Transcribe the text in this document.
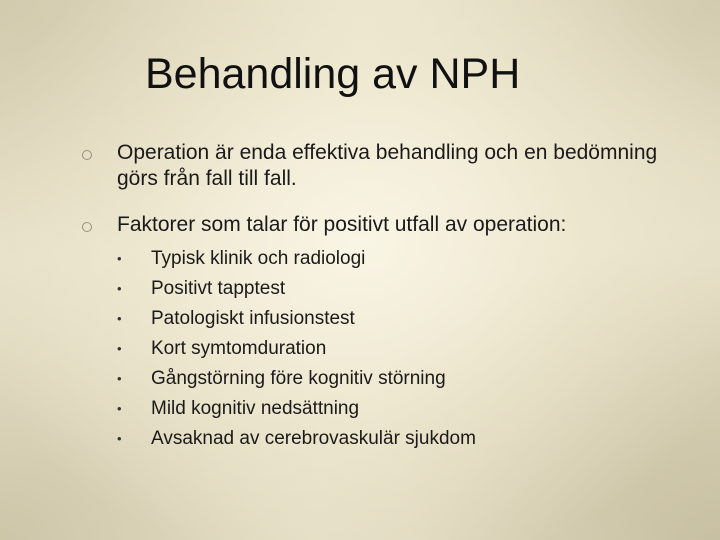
Behandling av NPH
Operation är enda effektiva behandling och en bedömning görs från fall till fall.
Faktorer som talar för positivt utfall av operation:
• Typisk klinik och radiologi
• Positivt tapptest
• Patologiskt infusionstest
• Kort symtomduration
• Gångstörning före kognitiv störning
• Mild kognitiv nedsättning
• Avsaknad av cerebrovaskulär sjukdom
